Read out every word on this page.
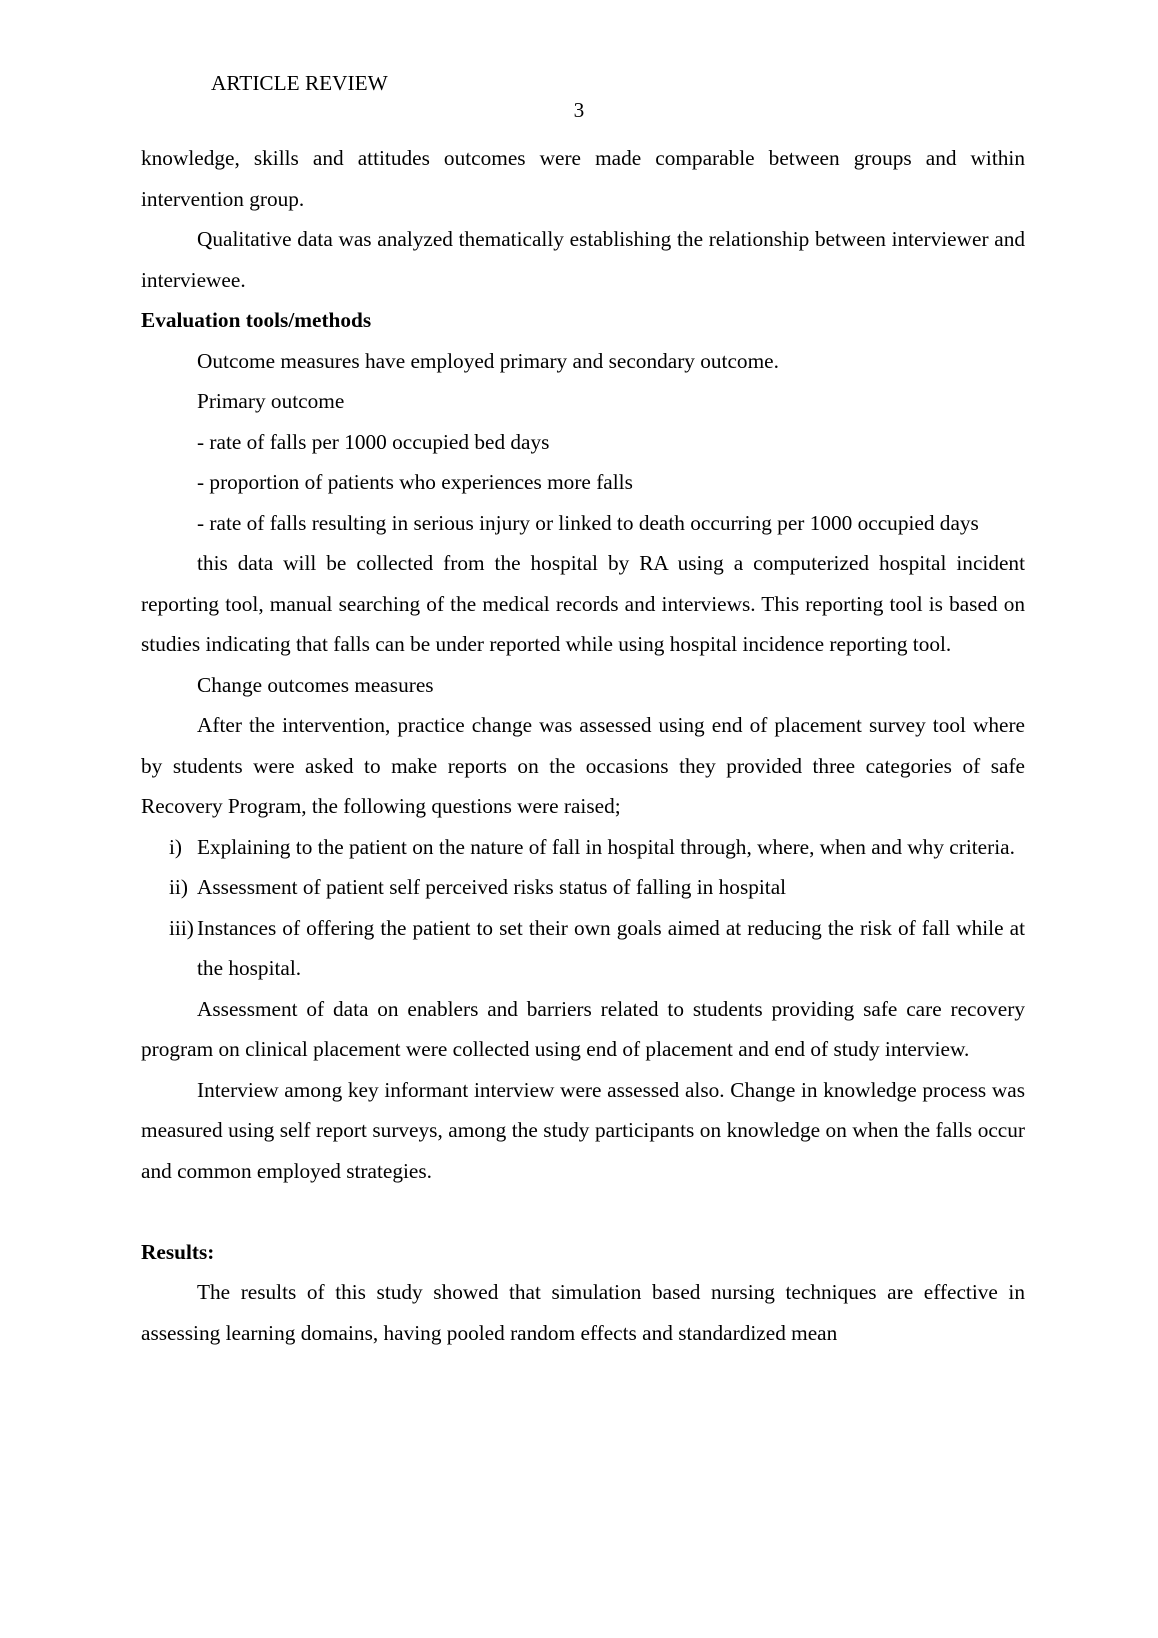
ARTICLE REVIEW
3

knowledge, skills and attitudes outcomes were made comparable between groups and within intervention group.

Qualitative data was analyzed thematically establishing the relationship between interviewer and interviewee.

Evaluation tools/methods

Outcome measures have employed primary and secondary outcome.

Primary outcome

- rate of falls per 1000 occupied bed days

- proportion of patients who experiences more falls

- rate of falls resulting in serious injury or linked to death occurring per 1000 occupied days

this data will be collected from the hospital by RA using a computerized hospital incident reporting tool, manual searching of the medical records and interviews. This reporting tool is based on studies indicating that falls can be under reported while using hospital incidence reporting tool.

Change outcomes measures

After the intervention, practice change was assessed using end of placement survey tool where by students were asked to make reports on the occasions they provided three categories of safe Recovery Program, the following questions were raised;

i) Explaining to the patient on the nature of fall in hospital through, where, when and why criteria.
ii) Assessment of patient self perceived risks status of falling in hospital
iii) Instances of offering the patient to set their own goals aimed at reducing the risk of fall while at the hospital.

Assessment of data on enablers and barriers related to students providing safe care recovery program on clinical placement were collected using end of placement and end of study interview.

Interview among key informant interview were assessed also. Change in knowledge process was measured using self report surveys, among the study participants on knowledge on when the falls occur and common employed strategies.

Results:

The results of this study showed that simulation based nursing techniques are effective in assessing learning domains, having pooled random effects and standardized mean
